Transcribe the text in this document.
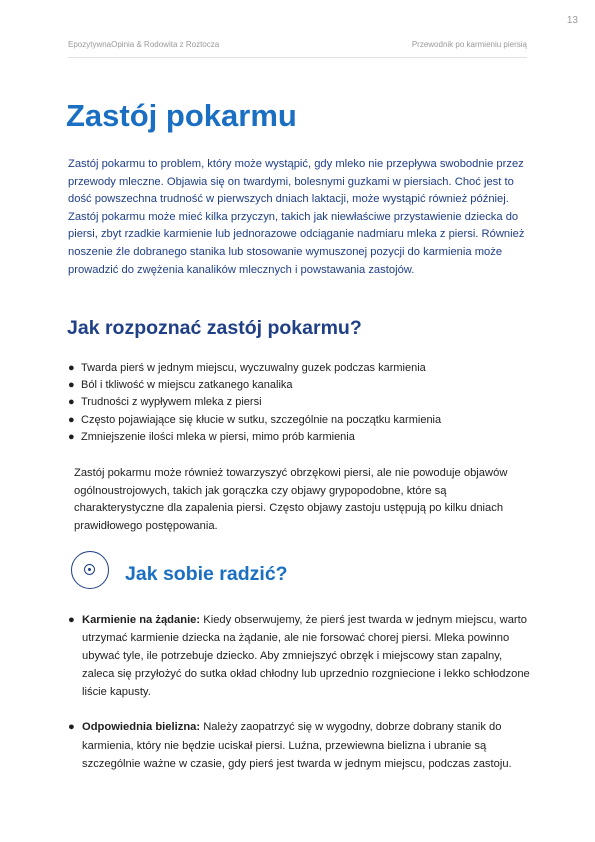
13
EpozytywnaOpinia & Rodowita z Roztocza	Przewodnik po karmieniu piersią
Zastój pokarmu

Zastój pokarmu to problem, który może wystąpić, gdy mleko nie przepływa swobodnie przez przewody mleczne. Objawia się on twardymi, bolesnymi guzkami w piersiach. Choć jest to dość powszechna trudność w pierwszych dniach laktacji, może wystąpić również później. Zastój pokarmu może mieć kilka przyczyn, takich jak niewłaściwe przystawienie dziecka do piersi, zbyt rzadkie karmienie lub jednorazowe odciąganie nadmiaru mleka z piersi. Również noszenie źle dobranego stanika lub stosowanie wymuszonej pozycji do karmienia może prowadzić do zwężenia kanalików mlecznych i powstawania zastojów.

Jak rozpoznać zastój pokarmu?
● Twarda pierś w jednym miejscu, wyczuwalny guzek podczas karmienia
● Ból i tkliwość w miejscu zatkanego kanalika
● Trudności z wypływem mleka z piersi
● Często pojawiające się kłucie w sutku, szczególnie na początku karmienia
● Zmniejszenie ilości mleka w piersi, mimo prób karmienia

Zastój pokarmu może również towarzyszyć obrzękowi piersi, ale nie powoduje objawów ogólnoustrojowych, takich jak gorączka czy objawy grypopodobne, które są charakterystyczne dla zapalenia piersi. Często objawy zastoju ustępują po kilku dniach prawidłowego postępowania.

Jak sobie radzić?
● Karmienie na żądanie: Kiedy obserwujemy, że pierś jest twarda w jednym miejscu, warto utrzymać karmienie dziecka na żądanie, ale nie forsować chorej piersi. Mleka powinno ubywać tyle, ile potrzebuje dziecko. Aby zmniejszyć obrzęk i miejscowy stan zapalny, zaleca się przyłożyć do sutka okład chłodny lub uprzednio rozgniecione i lekko schłodzone liście kapusty.
● Odpowiednia bielizna: Należy zaopatrzyć się w wygodny, dobrze dobrany stanik do karmienia, który nie będzie uciskał piersi. Luźna, przewiewna bielizna i ubranie są szczególnie ważne w czasie, gdy pierś jest twarda w jednym miejscu, podczas zastoju.
